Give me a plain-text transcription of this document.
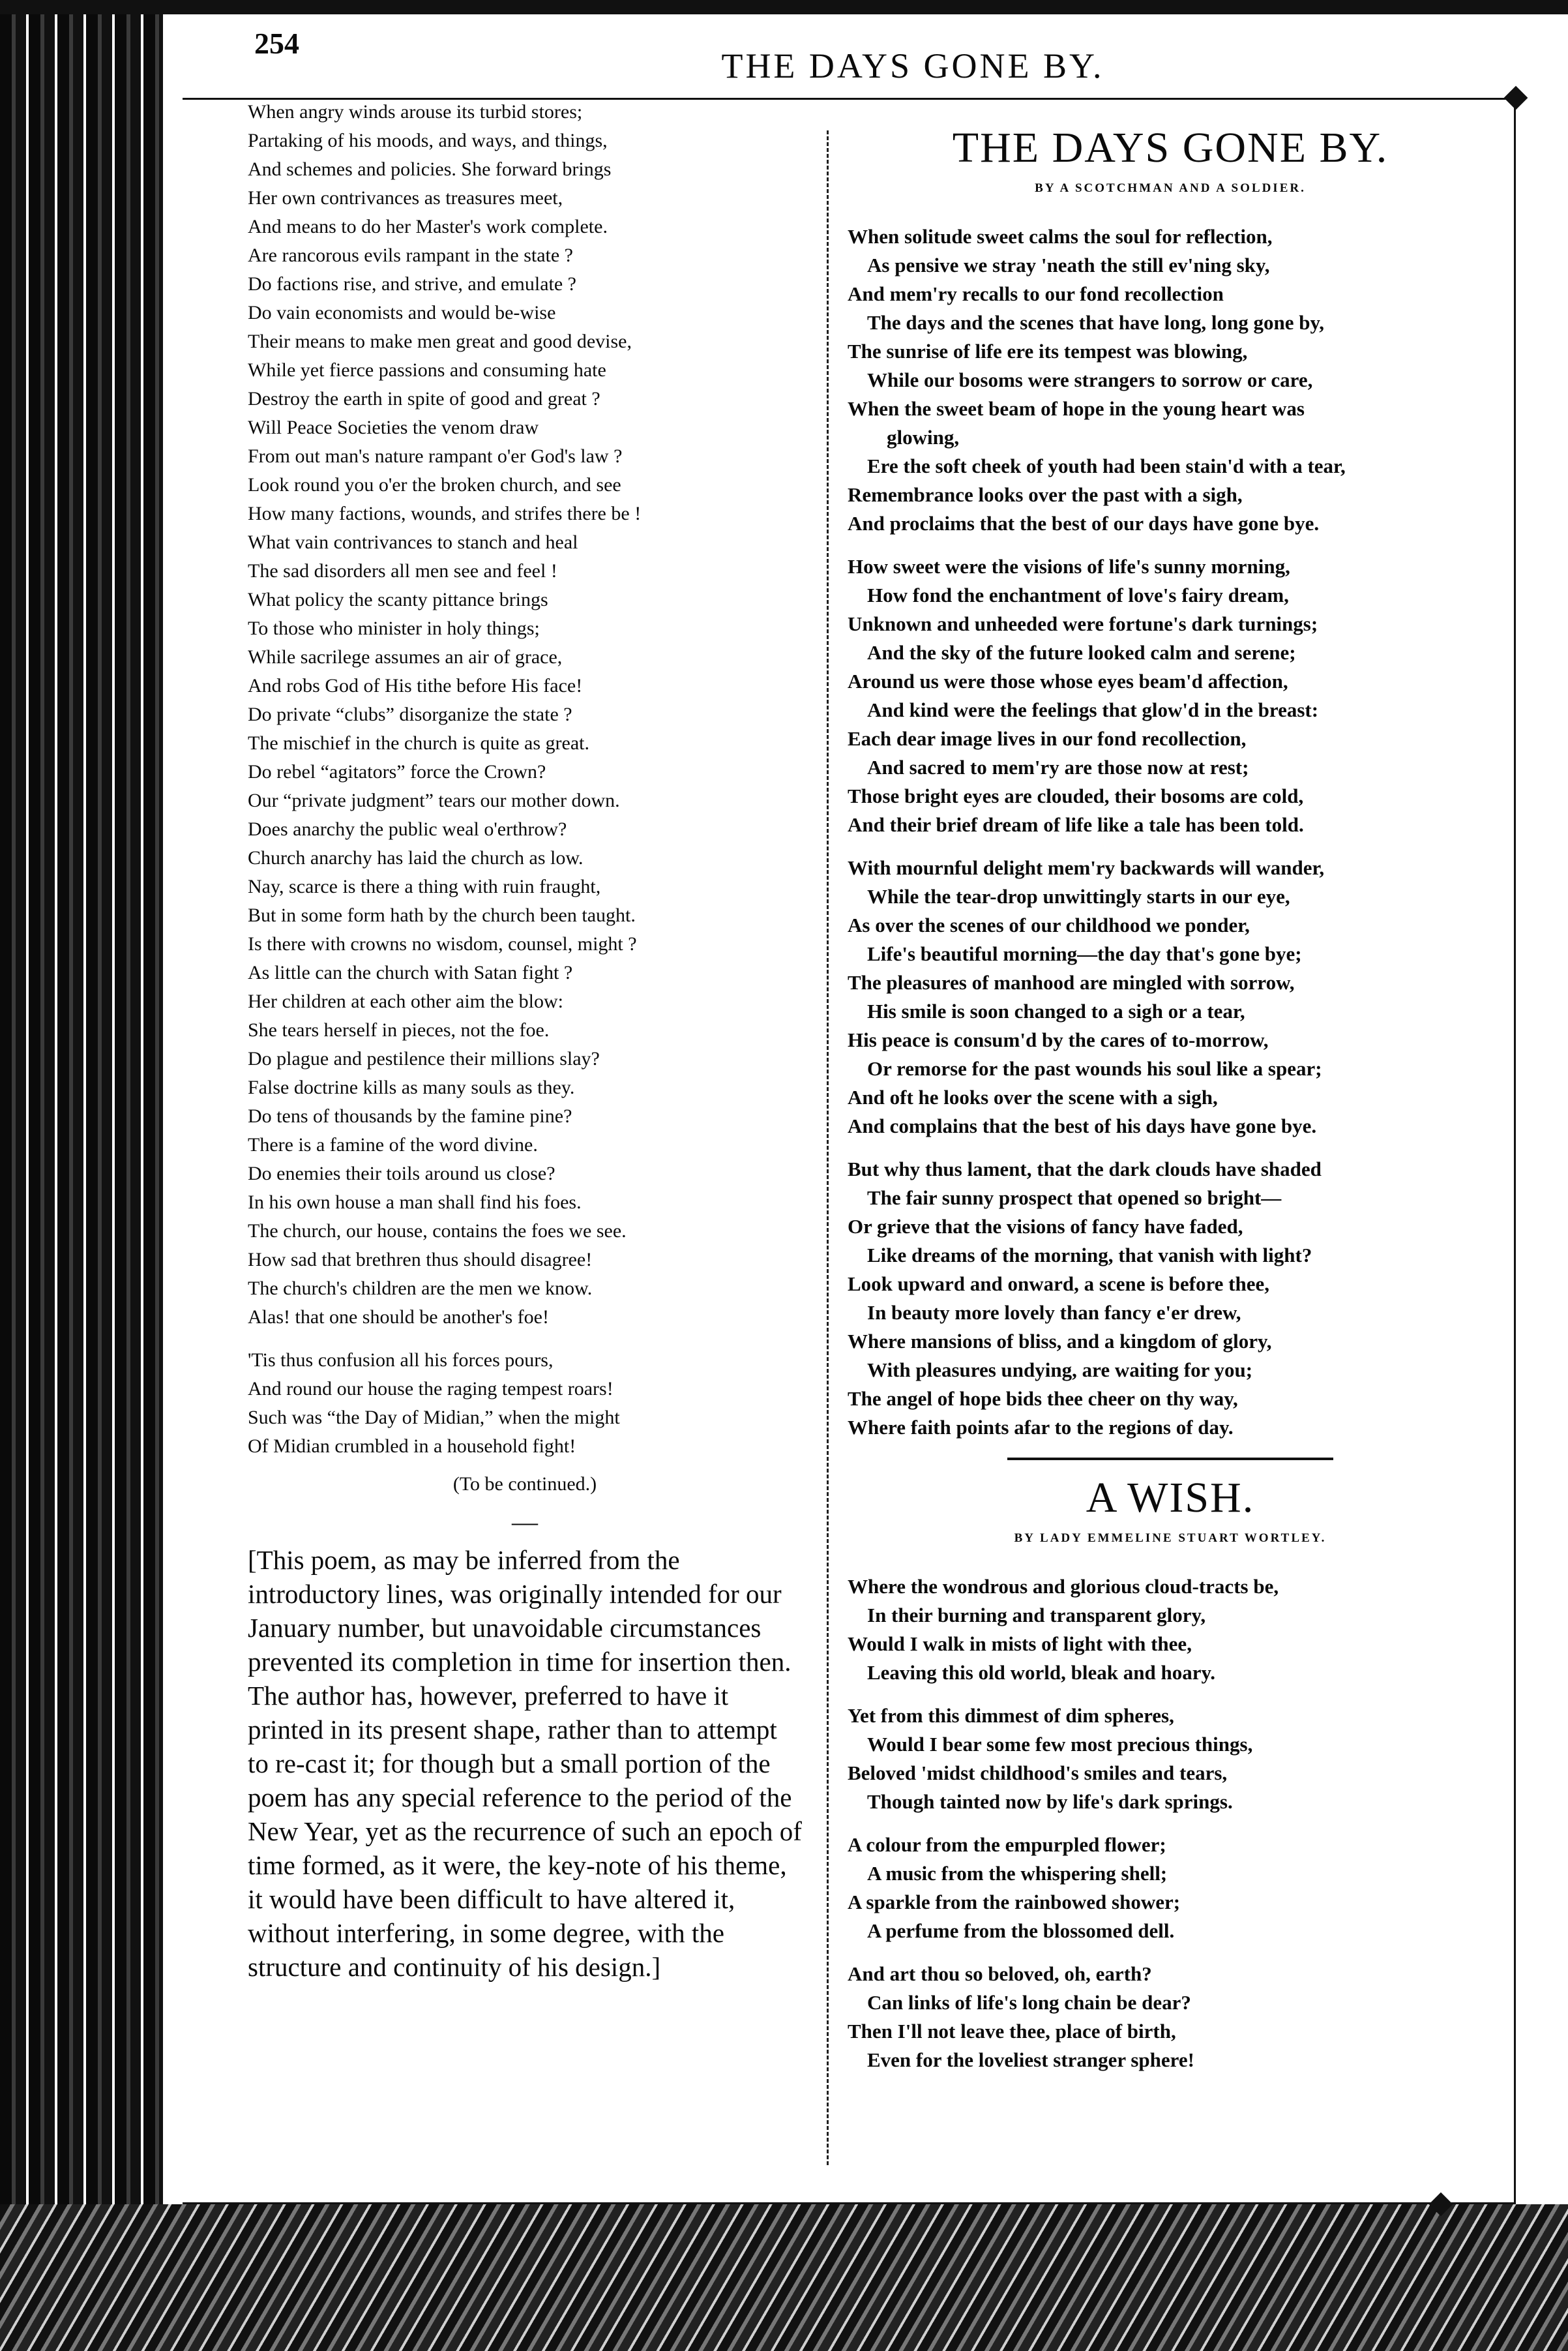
254
THE DAYS GONE BY.
When angry winds arouse its turbid stores;
Partaking of his moods, and ways, and things,
And schemes and policies. She forward brings
Her own contrivances as treasures meet,
And means to do her Master's work complete.
Are rancorous evils rampant in the state ?
Do factions rise, and strive, and emulate ?
Do vain economists and would be-wise
Their means to make men great and good devise,
While yet fierce passions and consuming hate
Destroy the earth in spite of good and great ?
Will Peace Societies the venom draw
From out man's nature rampant o'er God's law ?
Look round you o'er the broken church, and see
How many factions, wounds, and strifes there be !
What vain contrivances to stanch and heal
The sad disorders all men see and feel !
What policy the scanty pittance brings
To those who minister in holy things;
While sacrilege assumes an air of grace,
And robs God of His tithe before His face!
Do private “clubs” disorganize the state ?
The mischief in the church is quite as great.
Do rebel “agitators” force the Crown?
Our “private judgment” tears our mother down.
Does anarchy the public weal o'erthrow?
Church anarchy has laid the church as low.
Nay, scarce is there a thing with ruin fraught,
But in some form hath by the church been taught.
Is there with crowns no wisdom, counsel, might ?
As little can the church with Satan fight ?
Her children at each other aim the blow:
She tears herself in pieces, not the foe.
Do plague and pestilence their millions slay?
False doctrine kills as many souls as they.
Do tens of thousands by the famine pine?
There is a famine of the word divine.
Do enemies their toils around us close?
In his own house a man shall find his foes.
The church, our house, contains the foes we see.
How sad that brethren thus should disagree!
The church's children are the men we know.
Alas! that one should be another's foe!
'Tis thus confusion all his forces pours,
And round our house the raging tempest roars!
Such was “the Day of Midian,” when the might
Of Midian crumbled in a household fight!
(To be continued.)
—
[This poem, as may be inferred from the introductory lines, was originally intended for our January number, but unavoidable circumstances prevented its completion in time for insertion then. The author has, however, preferred to have it printed in its present shape, rather than to attempt to re-cast it; for though but a small portion of the poem has any special reference to the period of the New Year, yet as the recurrence of such an epoch of time formed, as it were, the key-note of his theme, it would have been difficult to have altered it, without interfering, in some degree, with the structure and continuity of his design.]
THE DAYS GONE BY.
BY A SCOTCHMAN AND A SOLDIER.
When solitude sweet calms the soul for reflection,
As pensive we stray 'neath the still ev'ning sky,
And mem'ry recalls to our fond recollection
The days and the scenes that have long, long gone by,
The sunrise of life ere its tempest was blowing,
While our bosoms were strangers to sorrow or care,
When the sweet beam of hope in the young heart was
glowing,
Ere the soft cheek of youth had been stain'd with a tear,
Remembrance looks over the past with a sigh,
And proclaims that the best of our days have gone bye.
How sweet were the visions of life's sunny morning,
How fond the enchantment of love's fairy dream,
Unknown and unheeded were fortune's dark turnings;
And the sky of the future looked calm and serene;
Around us were those whose eyes beam'd affection,
And kind were the feelings that glow'd in the breast:
Each dear image lives in our fond recollection,
And sacred to mem'ry are those now at rest;
Those bright eyes are clouded, their bosoms are cold,
And their brief dream of life like a tale has been told.
With mournful delight mem'ry backwards will wander,
While the tear-drop unwittingly starts in our eye,
As over the scenes of our childhood we ponder,
Life's beautiful morning—the day that's gone bye;
The pleasures of manhood are mingled with sorrow,
His smile is soon changed to a sigh or a tear,
His peace is consum'd by the cares of to-morrow,
Or remorse for the past wounds his soul like a spear;
And oft he looks over the scene with a sigh,
And complains that the best of his days have gone bye.
But why thus lament, that the dark clouds have shaded
The fair sunny prospect that opened so bright—
Or grieve that the visions of fancy have faded,
Like dreams of the morning, that vanish with light?
Look upward and onward, a scene is before thee,
In beauty more lovely than fancy e'er drew,
Where mansions of bliss, and a kingdom of glory,
With pleasures undying, are waiting for you;
The angel of hope bids thee cheer on thy way,
Where faith points afar to the regions of day.
A WISH.
BY LADY EMMELINE STUART WORTLEY.
Where the wondrous and glorious cloud-tracts be,
In their burning and transparent glory,
Would I walk in mists of light with thee,
Leaving this old world, bleak and hoary.
Yet from this dimmest of dim spheres,
Would I bear some few most precious things,
Beloved 'midst childhood's smiles and tears,
Though tainted now by life's dark springs.
A colour from the empurpled flower;
A music from the whispering shell;
A sparkle from the rainbowed shower;
A perfume from the blossomed dell.
And art thou so beloved, oh, earth?
Can links of life's long chain be dear?
Then I'll not leave thee, place of birth,
Even for the loveliest stranger sphere!
